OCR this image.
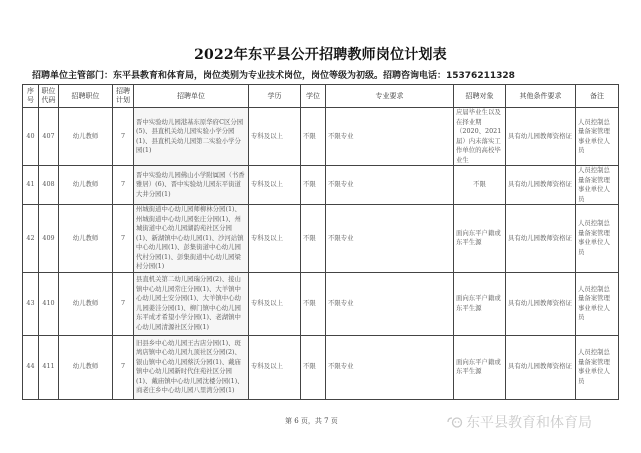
2022年东平县公开招聘教师岗位计划表
招聘单位主管部门：东平县教育和体育局，岗位类别为专业技术岗位，岗位等级为初级。招聘咨询电话：15376211328
序号	职位代码	招聘职位	招聘计划	招聘单位	学历	学位	专业要求	招聘对象	其他条件要求	备注
40	407	幼儿教师	7	晋中实验幼儿园港基东原华府C区分园(5)、县直机关幼儿园实验小学分园(1)、县直机关幼儿园第二实验小学分园(1)	专科及以上	不限	不限专业	应届毕业生以及在择业期（2020、2021届）内未落实工作单位的高校毕业生	具有幼儿园教师资格证	人员控制总量备案管理事业单位人员
41	408	幼儿教师	7	晋中实验幼儿园佛山小学附属园（书香雅居）(6)、晋中实验幼儿园东平街道大井分园(1)	专科及以上	不限	不限专业	不限	具有幼儿园教师资格证	人员控制总量备案管理事业单位人员
42	409	幼儿教师	7	州城街道中心幼儿园师柳林分园(1)、州城街道中心幼儿园张庄分园(1)、州城街道中心幼儿园湖韵苑社区分园(1)、新湖镇中心幼儿园(1)、沙河站镇中心幼儿园(1)、彭集街道中心幼儿园代村分园(1)、彭集街道中心幼儿园梁村分园(1)	专科及以上	不限	不限专业	面向东平户籍或东平生源	具有幼儿园教师资格证	人员控制总量备案管理事业单位人员
43	410	幼儿教师	7	县直机关第二幼儿园瑞分园(2)、接山镇中心幼儿园常庄分园(1)、大羊镇中心幼儿园土安分园(1)、大羊镇中心幼儿园姜洼分园(1)、柳门镇中心幼儿园东平成才希望小学分园(1)、老湖镇中心幼儿园清源社区分园(1)	专科及以上	不限	不限专业	面向东平户籍或东平生源	具有幼儿园教师资格证	人员控制总量备案管理事业单位人员
44	411	幼儿教师	7	旧县乡中心幼儿园王古店分园(1)、斑鸠店镇中心幼儿园九顶社区分园(2)、银山镇中心幼儿园蔡沃分园(1)、戴庙镇中心幼儿园新时代住苑社区分园(1)、戴庙镇中心幼儿园沈楼分园(1)、商老庄乡中心幼儿园八里湾分园(1)	专科及以上	不限	不限专业	面向东平户籍或东平生源	具有幼儿园教师资格证	人员控制总量备案管理事业单位人员
第 6 页，共 7 页	东平县教育和体育局
